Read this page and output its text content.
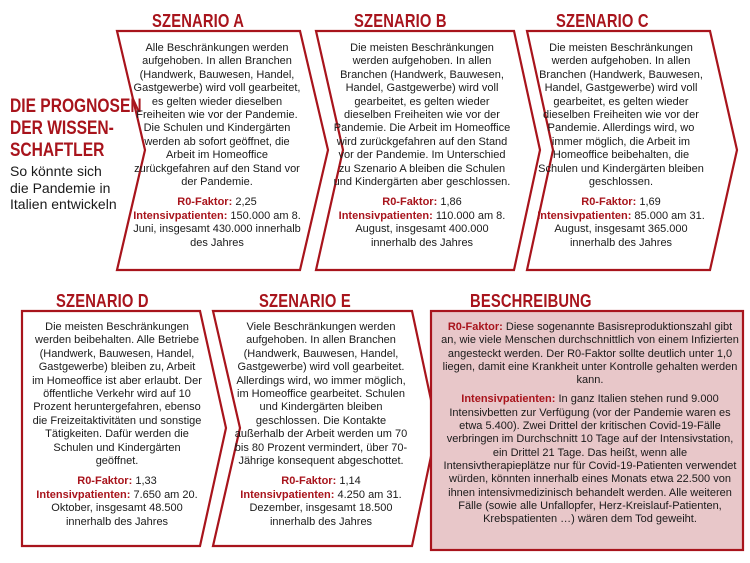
DIE PROGNOSEN
DER WISSEN-
SCHAFTLER
So könnte sich
die Pandemie in
Italien entwickeln
SZENARIO A

Alle Beschränkungen werden aufgehoben. In allen Branchen (Handwerk, Bauwesen, Handel, Gastgewerbe) wird voll gearbeitet, es gelten wieder dieselben Freiheiten wie vor der Pandemie. Die Schulen und Kindergärten werden ab sofort geöffnet, die Arbeit im Homeoffice zurückgefahren auf den Stand vor der Pandemie.

R0-Faktor: 2,25
Intensivpatienten: 150.000 am 8. Juni, insgesamt 430.000 innerhalb des Jahres

SZENARIO B

Die meisten Beschränkungen werden aufgehoben. In allen Branchen (Handwerk, Bauwesen, Handel, Gastgewerbe) wird voll gearbeitet, es gelten wieder dieselben Freiheiten wie vor der Pandemie. Die Arbeit im Homeoffice wird zurückgefahren auf den Stand vor der Pandemie. Im Unterschied zu Szenario A bleiben die Schulen und Kindergärten aber geschlossen.

R0-Faktor: 1,86
Intensivpatienten: 110.000 am 8. August, insgesamt 400.000 innerhalb des Jahres

SZENARIO C

Die meisten Beschränkungen werden aufgehoben. In allen Branchen (Handwerk, Bauwesen, Handel, Gastgewerbe) wird voll gearbeitet, es gelten wieder dieselben Freiheiten wie vor der Pandemie. Allerdings wird, wo immer möglich, die Arbeit im Homeoffice beibehalten, die Schulen und Kindergärten bleiben geschlossen.

R0-Faktor: 1,69
Intensivpatienten: 85.000 am 31. August, insgesamt 365.000 innerhalb des Jahres

SZENARIO D

Die meisten Beschränkungen werden beibehalten. Alle Betriebe (Handwerk, Bauwesen, Handel, Gastgewerbe) bleiben zu, Arbeit im Homeoffice ist aber erlaubt. Der öffentliche Verkehr wird auf 10 Prozent heruntergefahren, ebenso die Freizeitaktivitäten und sonstige Tätigkeiten. Dafür werden die Schulen und Kindergärten geöffnet.

R0-Faktor: 1,33
Intensivpatienten: 7.650 am 20. Oktober, insgesamt 48.500 innerhalb des Jahres

SZENARIO E

Viele Beschränkungen werden aufgehoben. In allen Branchen (Handwerk, Bauwesen, Handel, Gastgewerbe) wird voll gearbeitet. Allerdings wird, wo immer möglich, im Homeoffice gearbeitet. Schulen und Kindergärten bleiben geschlossen. Die Kontakte außerhalb der Arbeit werden um 70 bis 80 Prozent vermindert, über 70-Jährige konsequent abgeschottet.

R0-Faktor: 1,14
Intensivpatienten: 4.250 am 31. Dezember, insgesamt 18.500 innerhalb des Jahres

BESCHREIBUNG

R0-Faktor: Diese sogenannte Basisreproduktionszahl gibt an, wie viele Menschen durchschnittlich von einem Infizierten angesteckt werden. Der R0-Faktor sollte deutlich unter 1,0 liegen, damit eine Krankheit unter Kontrolle gehalten werden kann.

Intensivpatienten: In ganz Italien stehen rund 9.000 Intensivbetten zur Verfügung (vor der Pandemie waren es etwa 5.400). Zwei Drittel der kritischen Covid-19-Fälle verbringen im Durchschnitt 10 Tage auf der Intensivstation, ein Drittel 21 Tage. Das heißt, wenn alle Intensivtherapieplätze nur für Covid-19-Patienten verwendet würden, könnten innerhalb eines Monats etwa 22.500 von ihnen intensivmedizinisch behandelt werden. Alle weiteren Fälle (sowie alle Unfallopfer, Herz-Kreislauf-Patienten, Krebspatienten …) wären dem Tod geweiht.
